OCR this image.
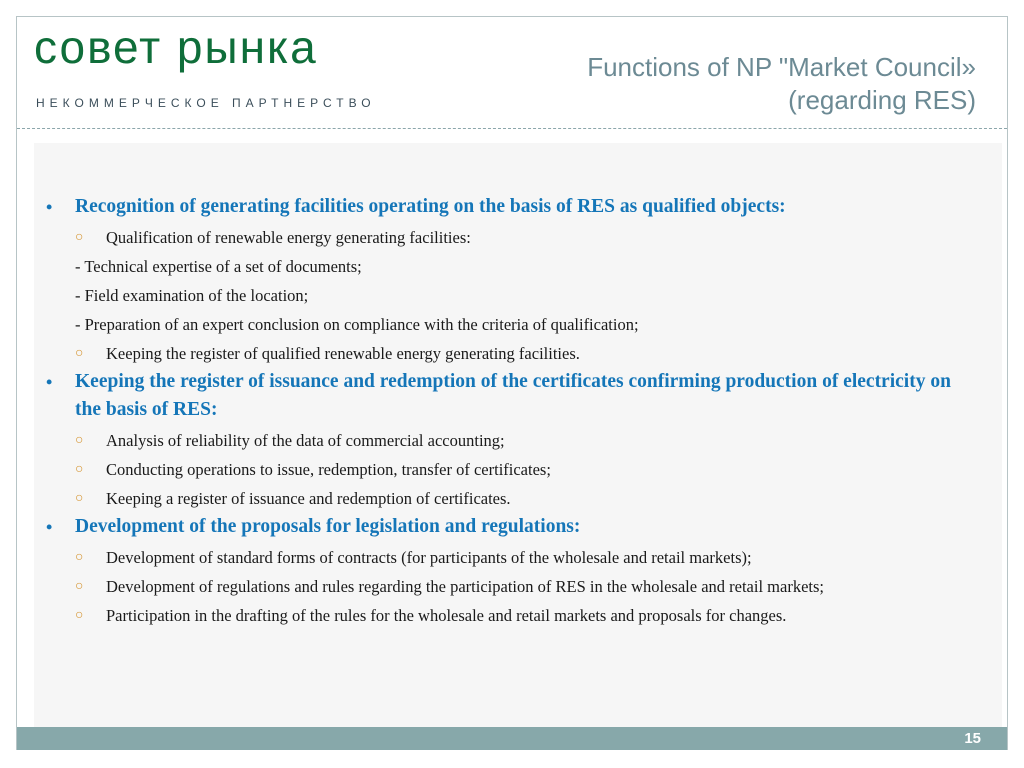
совет рынка
НЕКОММЕРЧЕСКОЕ ПАРТНЕРСТВО
Functions of NP "Market Council»
(regarding RES)
• Recognition of generating facilities operating on the basis of RES as qualified objects:
○ Qualification of renewable energy generating facilities:
- Technical expertise of a set of documents;
- Field examination of the location;
- Preparation of an expert conclusion on compliance with the criteria of qualification;
○ Keeping the register of qualified renewable energy generating facilities.
• Keeping the register of issuance and redemption of the certificates confirming production of electricity on the basis of RES:
○ Analysis of reliability of the data of commercial accounting;
○ Conducting operations to issue, redemption, transfer of certificates;
○ Keeping a register of issuance and redemption of certificates.
• Development of the proposals for legislation and regulations:
○ Development of standard forms of contracts (for participants of the wholesale and retail markets);
○ Development of regulations and rules regarding the participation of RES in the wholesale and retail markets;
○ Participation in the drafting of the rules for the wholesale and retail markets and proposals for changes.
15
